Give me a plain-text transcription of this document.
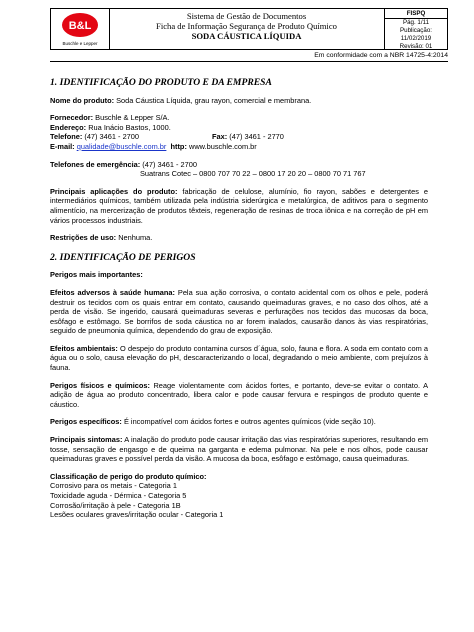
B&L
Buschle e Lepper
Sistema de Gestão de Documentos
Ficha de Informação Segurança de Produto Químico
SODA CÁUSTICA LÍQUIDA
FISPQ
Pág. 1/11
Publicação: 11/02/2019
Revisão: 01
Em conformidade com a NBR 14725-4:2014
1. IDENTIFICAÇÃO DO PRODUTO E DA EMPRESA

Nome do produto: Soda Cáustica Líquida, grau rayon, comercial e membrana.

Fornecedor: Buschle & Lepper S/A.
Endereço: Rua Inácio Bastos, 1000.
Telefone: (47) 3461 - 2700	Fax: (47) 3461 - 2770
E-mail: qualidade@buschle.com.br http: www.buschle.com.br
Telefones de emergência: (47) 3461 - 2700
Suatrans Cotec – 0800 707 70 22 – 0800 17 20 20 – 0800 70 71 767

Principais aplicações do produto: fabricação de celulose, alumínio, fio rayon, sabões e detergentes e intermediários químicos, também utilizada pela indústria siderúrgica e metalúrgica, de aditivos para o segmento alimentício, na mercerização de produtos têxteis, regeneração de resinas de troca iônica e na correção de pH em vários processos industriais.

Restrições de uso: Nenhuma.

2. IDENTIFICAÇÃO DE PERIGOS

Perigos mais importantes:

Efeitos adversos à saúde humana: Pela sua ação corrosiva, o contato acidental com os olhos e pele, poderá destruir os tecidos com os quais entrar em contato, causando queimaduras graves, e no caso dos olhos, até a perda de visão. Se ingerido, causará queimaduras severas e perfurações nos tecidos das mucosas da boca, esôfago e estômago. Se borrifos de soda cáustica no ar forem inalados, causarão danos às vias respiratórias, seguido de pneumonia química, dependendo do grau de exposição.

Efeitos ambientais: O despejo do produto contamina cursos d´água, solo, fauna e flora. A soda em contato com a água ou o solo, causa elevação do pH, descaracterizando o local, degradando o meio ambiente, com prejuízos à fauna.

Perigos físicos e químicos: Reage violentamente com ácidos fortes, e portanto, deve-se evitar o contato. A adição de água ao produto concentrado, libera calor e pode causar fervura e respingos de produto quente e cáustico.

Perigos específicos: É incompatível com ácidos fortes e outros agentes químicos (vide seção 10).

Principais sintomas: A inalação do produto pode causar irritação das vias respiratórias superiores, resultando em tosse, sensação de engasgo e de queima na garganta e edema pulmonar. Na pele e nos olhos, pode causar queimaduras graves e possível perda da visão. A mucosa da boca, esôfago e estômago, causa queimaduras.

Classificação de perigo do produto químico:
Corrosivo para os metais - Categoria 1
Toxicidade aguda - Dérmica - Categoria 5
Corrosão/irritação à pele - Categoria 1B
Lesões oculares graves/irritação ocular - Categoria 1
